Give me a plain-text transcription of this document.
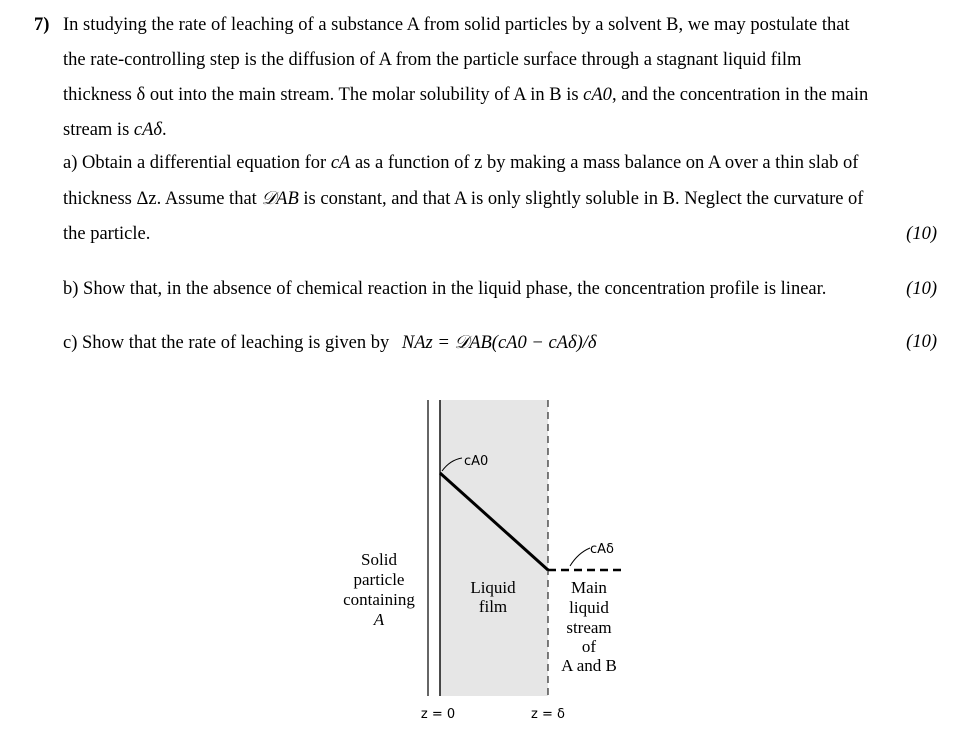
7) In studying the rate of leaching of a substance A from solid particles by a solvent B, we may postulate that
the rate-controlling step is the diffusion of A from the particle surface through a stagnant liquid film
thickness δ out into the main stream. The molar solubility of A in B is cA0, and the concentration in the main
stream is cAδ.
a) Obtain a differential equation for cA as a function of z by making a mass balance on A over a thin slab of
thickness Δz. Assume that 𝒟AB is constant, and that A is only slightly soluble in B. Neglect the curvature of
the particle.	(10)
b) Show that, in the absence of chemical reaction in the liquid phase, the concentration profile is linear.	(10)
c) Show that the rate of leaching is given by NAz = 𝒟AB(cA0 − cAδ)/δ	(10)
cA0
cAδ
Solid
particle
containing
A
Liquid
film
Main
liquid
stream
of
A and B
z = 0	z = δ
